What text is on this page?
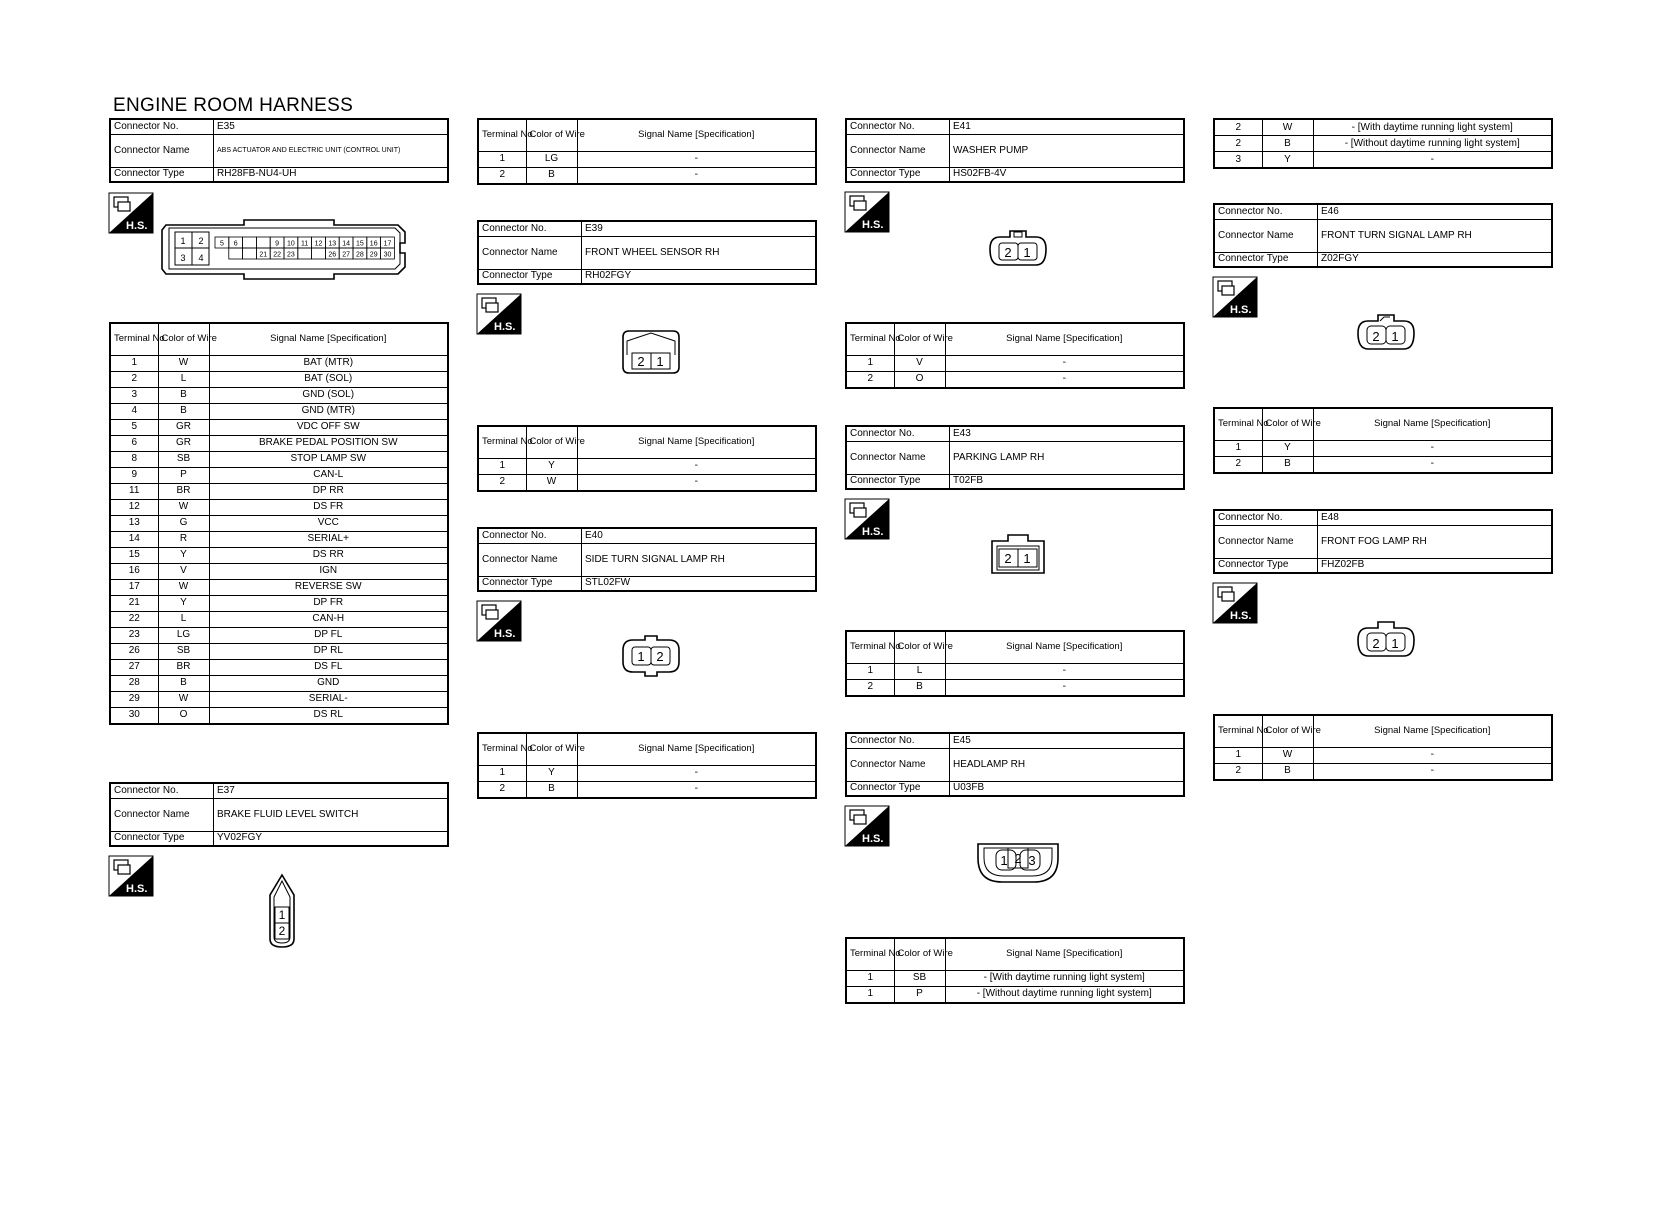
ENGINE ROOM HARNESS
Connector No.	E35
Connector Name	ABS ACTUATOR AND ELECTRIC UNIT (CONTROL UNIT)
Connector Type	RH28FB-NU4-UH
H.S.
1 2
3 4
5 6	9 10 11 12 13 14 15 16 17
21 22 23	26 27 28 29 30
Terminal No.	Color of Wire	Signal Name [Specification]
1	W	BAT (MTR)
2	L	BAT (SOL)
3	B	GND (SOL)
4	B	GND (MTR)
5	GR	VDC OFF SW
6	GR	BRAKE PEDAL POSITION SW
8	SB	STOP LAMP SW
9	P	CAN-L
11	BR	DP RR
12	W	DS FR
13	G	VCC
14	R	SERIAL+
15	Y	DS RR
16	V	IGN
17	W	REVERSE SW
21	Y	DP FR
22	L	CAN-H
23	LG	DP FL
26	SB	DP RL
27	BR	DS FL
28	B	GND
29	W	SERIAL-
30	O	DS RL
Connector No.	E37
Connector Name	BRAKE FLUID LEVEL SWITCH
Connector Type	YV02FGY
H.S.
1
2
Terminal No.	Color of Wire	Signal Name [Specification]
1	LG	-
2	B	-
Connector No.	E39
Connector Name	FRONT WHEEL SENSOR RH
Connector Type	RH02FGY
H.S.
2 1
Terminal No.	Color of Wire	Signal Name [Specification]
1	Y	-
2	W	-
Connector No.	E40
Connector Name	SIDE TURN SIGNAL LAMP RH
Connector Type	STL02FW
H.S.
1 2
Terminal No.	Color of Wire	Signal Name [Specification]
1	Y	-
2	B	-
Connector No.	E41
Connector Name	WASHER PUMP
Connector Type	HS02FB-4V
H.S.
2 1
Terminal No.	Color of Wire	Signal Name [Specification]
1	V	-
2	O	-
Connector No.	E43
Connector Name	PARKING LAMP RH
Connector Type	T02FB
H.S.
2 1
Terminal No.	Color of Wire	Signal Name [Specification]
1	L	-
2	B	-
Connector No.	E45
Connector Name	HEADLAMP RH
Connector Type	U03FB
H.S.
1 2 3
Terminal No.	Color of Wire	Signal Name [Specification]
1	SB	- [With daytime running light system]
1	P	- [Without daytime running light system]
2	W	- [With daytime running light system]
2	B	- [Without daytime running light system]
3	Y	-
Connector No.	E46
Connector Name	FRONT TURN SIGNAL LAMP RH
Connector Type	Z02FGY
H.S.
2 1
Terminal No.	Color of Wire	Signal Name [Specification]
1	Y	-
2	B	-
Connector No.	E48
Connector Name	FRONT FOG LAMP RH
Connector Type	FHZ02FB
H.S.
2 1
Terminal No.	Color of Wire	Signal Name [Specification]
1	W	-
2	B	-
